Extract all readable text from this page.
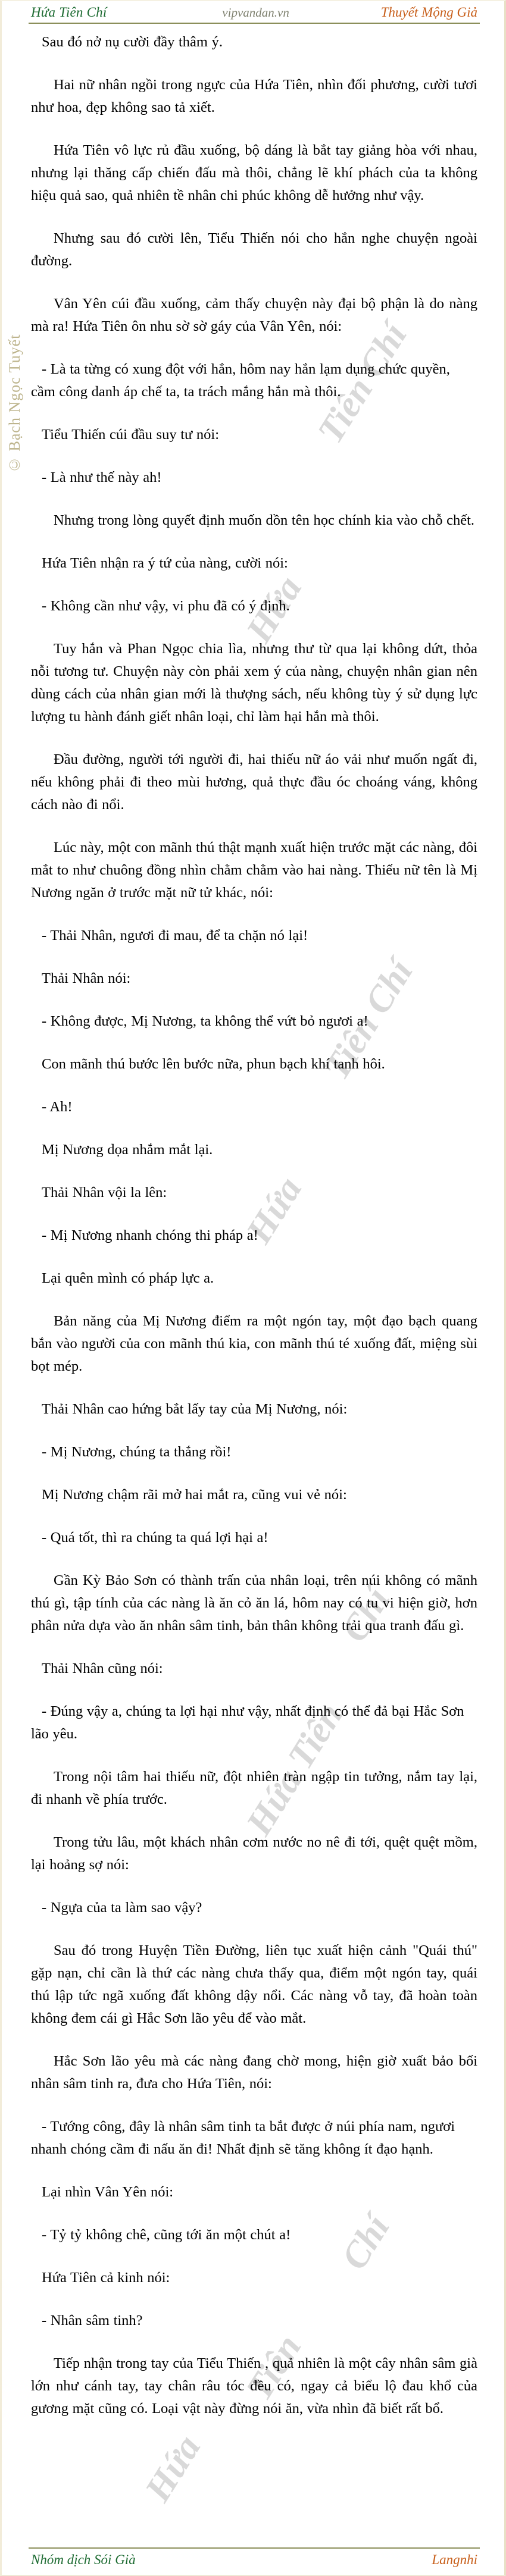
Tiên Chí
Hứa
Tiên Chí
Hứa
Chí
Hứa Tiên
Chí
Tiên
Hứa
Hứa Tiên Chí	vipvandan.vn	Thuyết Mộng Giả
© Bạch Ngọc Tuyết

Sau đó nở nụ cười đầy thâm ý.

Hai nữ nhân ngồi trong ngực của Hứa Tiên, nhìn đối phương, cười tươi như hoa, đẹp không sao tả xiết.

Hứa Tiên vô lực rủ đầu xuống, bộ dáng là bắt tay giảng hòa với nhau, nhưng lại thăng cấp chiến đấu mà thôi, chẳng lẽ khí phách của ta không hiệu quả sao, quả nhiên tề nhân chi phúc không dễ hưởng như vậy.

Nhưng sau đó cười lên, Tiểu Thiến nói cho hắn nghe chuyện ngoài đường.

Vân Yên cúi đầu xuống, cảm thấy chuyện này đại bộ phận là do nàng mà ra! Hứa Tiên ôn nhu sờ sờ gáy của Vân Yên, nói:

- Là ta từng có xung đột với hắn, hôm nay hắn lạm dụng chức quyền, cầm công danh áp chế ta, ta trách mắng hắn mà thôi.

Tiểu Thiến cúi đầu suy tư nói:

- Là như thế này ah!

Nhưng trong lòng quyết định muốn dồn tên học chính kia vào chỗ chết.

Hứa Tiên nhận ra ý tứ của nàng, cười nói:

- Không cần như vậy, vi phu đã có ý định.

Tuy hắn và Phan Ngọc chia lìa, nhưng thư từ qua lại không dứt, thỏa nỗi tương tư. Chuyện này còn phải xem ý của nàng, chuyện nhân gian nên dùng cách của nhân gian mới là thượng sách, nếu không tùy ý sử dụng lực lượng tu hành đánh giết nhân loại, chỉ làm hại hắn mà thôi.

Đầu đường, người tới người đi, hai thiếu nữ áo vải như muốn ngất đi, nếu không phải đi theo mùi hương, quả thực đầu óc choáng váng, không cách nào đi nổi.

Lúc này, một con mãnh thú thật mạnh xuất hiện trước mặt các nàng, đôi mắt to như chuông đồng nhìn chằm chằm vào hai nàng. Thiếu nữ tên là Mị Nương ngăn ở trước mặt nữ tử khác, nói:

- Thải Nhân, ngươi đi mau, để ta chặn nó lại!

Thải Nhân nói:

- Không được, Mị Nương, ta không thể vứt bỏ ngươi a!

Con mãnh thú bước lên bước nữa, phun bạch khí tanh hôi.

- Ah!

Mị Nương dọa nhắm mắt lại.

Thải Nhân vội la lên:

- Mị Nương nhanh chóng thi pháp a!

Lại quên mình có pháp lực a.

Bản năng của Mị Nương điểm ra một ngón tay, một đạo bạch quang bắn vào người của con mãnh thú kia, con mãnh thú té xuống đất, miệng sùi bọt mép.

Thải Nhân cao hứng bắt lấy tay của Mị Nương, nói:

- Mị Nương, chúng ta thắng rồi!

Mị Nương chậm rãi mở hai mắt ra, cũng vui vẻ nói:

- Quá tốt, thì ra chúng ta quá lợi hại a!

Gần Kỳ Bảo Sơn có thành trấn của nhân loại, trên núi không có mãnh thú gì, tập tính của các nàng là ăn cỏ ăn lá, hôm nay có tu vi hiện giờ, hơn phân nửa dựa vào ăn nhân sâm tinh, bản thân không trải qua tranh đấu gì.

Thải Nhân cũng nói:

- Đúng vậy a, chúng ta lợi hại như vậy, nhất định có thể đả bại Hắc Sơn lão yêu.

Trong nội tâm hai thiếu nữ, đột nhiên tràn ngập tin tưởng, nắm tay lại, đi nhanh về phía trước.

Trong tửu lâu, một khách nhân cơm nước no nê đi tới, quệt quệt mồm, lại hoảng sợ nói:

- Ngựa của ta làm sao vậy?

Sau đó trong Huyện Tiền Đường, liên tục xuất hiện cảnh "Quái thú" gặp nạn, chỉ cần là thứ các nàng chưa thấy qua, điểm một ngón tay, quái thú lập tức ngã xuống đất không dậy nổi. Các nàng vỗ tay, đã hoàn toàn không đem cái gì Hắc Sơn lão yêu để vào mắt.

Hắc Sơn lão yêu mà các nàng đang chờ mong, hiện giờ xuất bảo bối nhân sâm tinh ra, đưa cho Hứa Tiên, nói:

- Tướng công, đây là nhân sâm tinh ta bắt được ở núi phía nam, ngươi nhanh chóng cầm đi nấu ăn đi! Nhất định sẽ tăng không ít đạo hạnh.

Lại nhìn Vân Yên nói:

- Tỷ tỷ không chê, cũng tới ăn một chút a!

Hứa Tiên cả kinh nói:

- Nhân sâm tinh?

Tiếp nhận trong tay của Tiểu Thiến , quả nhiên là một cây nhân sâm già lớn như cánh tay, tay chân râu tóc đều có, ngay cả biểu lộ đau khổ của gương mặt cũng có. Loại vật này đừng nói ăn, vừa nhìn đã biết rất bổ.

Nhóm dịch Sói Già	Langnhi
